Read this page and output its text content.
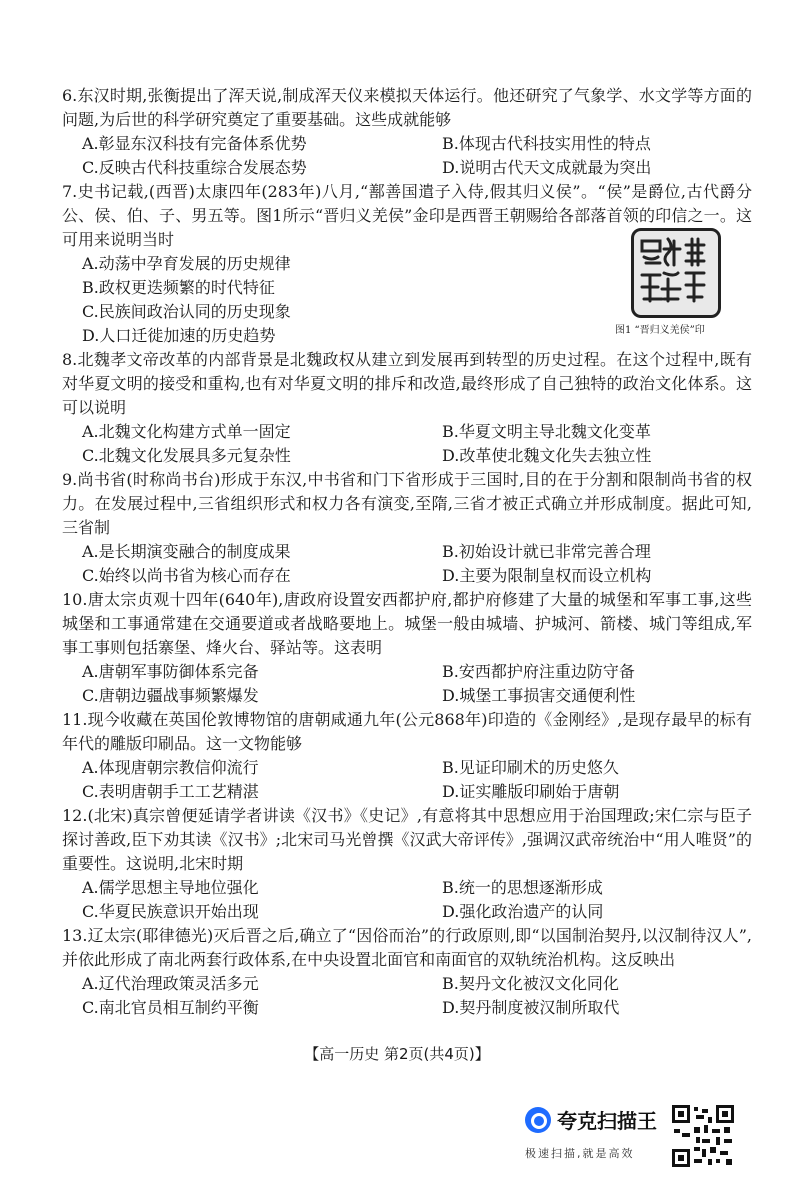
6.东汉时期,张衡提出了浑天说,制成浑天仪来模拟天体运行。他还研究了气象学、水文学等方面的问题,为后世的科学研究奠定了重要基础。这些成就能够

A.彰显东汉科技有完备体系优势	B.体现古代科技实用性的特点
C.反映古代科技重综合发展态势	D.说明古代天文成就最为突出

7.史书记载,(西晋)太康四年(283年)八月,“鄯善国遣子入侍,假其归义侯”。“侯”是爵位,古代爵分公、侯、伯、子、男五等。图1所示“晋归义羌侯”金印是西晋王朝赐给各部落首领的印信之一。这可用来说明当时

A.动荡中孕育发展的历史规律
B.政权更迭频繁的时代特征
C.民族间政治认同的历史现象
D.人口迁徙加速的历史趋势	图1 “晋归义羌侯”印

8.北魏孝文帝改革的内部背景是北魏政权从建立到发展再到转型的历史过程。在这个过程中,既有对华夏文明的接受和重构,也有对华夏文明的排斥和改造,最终形成了自己独特的政治文化体系。这可以说明

A.北魏文化构建方式单一固定	B.华夏文明主导北魏文化变革
C.北魏文化发展具多元复杂性	D.改革使北魏文化失去独立性

9.尚书省(时称尚书台)形成于东汉,中书省和门下省形成于三国时,目的在于分割和限制尚书省的权力。在发展过程中,三省组织形式和权力各有演变,至隋,三省才被正式确立并形成制度。据此可知,三省制

A.是长期演变融合的制度成果	B.初始设计就已非常完善合理
C.始终以尚书省为核心而存在	D.主要为限制皇权而设立机构

10.唐太宗贞观十四年(640年),唐政府设置安西都护府,都护府修建了大量的城堡和军事工事,这些城堡和工事通常建在交通要道或者战略要地上。城堡一般由城墙、护城河、箭楼、城门等组成,军事工事则包括寨堡、烽火台、驿站等。这表明

A.唐朝军事防御体系完备	B.安西都护府注重边防守备
C.唐朝边疆战事频繁爆发	D.城堡工事损害交通便利性

11.现今收藏在英国伦敦博物馆的唐朝咸通九年(公元868年)印造的《金刚经》,是现存最早的标有年代的雕版印刷品。这一文物能够

A.体现唐朝宗教信仰流行	B.见证印刷术的历史悠久
C.表明唐朝手工工艺精湛	D.证实雕版印刷始于唐朝

12.(北宋)真宗曾便延请学者讲读《汉书》《史记》,有意将其中思想应用于治国理政;宋仁宗与臣子探讨善政,臣下劝其读《汉书》;北宋司马光曾撰《汉武大帝评传》,强调汉武帝统治中“用人唯贤”的重要性。这说明,北宋时期

A.儒学思想主导地位强化	B.统一的思想逐渐形成
C.华夏民族意识开始出现	D.强化政治遗产的认同

13.辽太宗(耶律德光)灭后晋之后,确立了“因俗而治”的行政原则,即“以国制治契丹,以汉制待汉人”,并依此形成了南北两套行政体系,在中央设置北面官和南面官的双轨统治机构。这反映出

A.辽代治理政策灵活多元	B.契丹文化被汉文化同化
C.南北官员相互制约平衡	D.契丹制度被汉制所取代
【高一历史 第2页(共4页)】
夸克扫描王
极速扫描,就是高效
